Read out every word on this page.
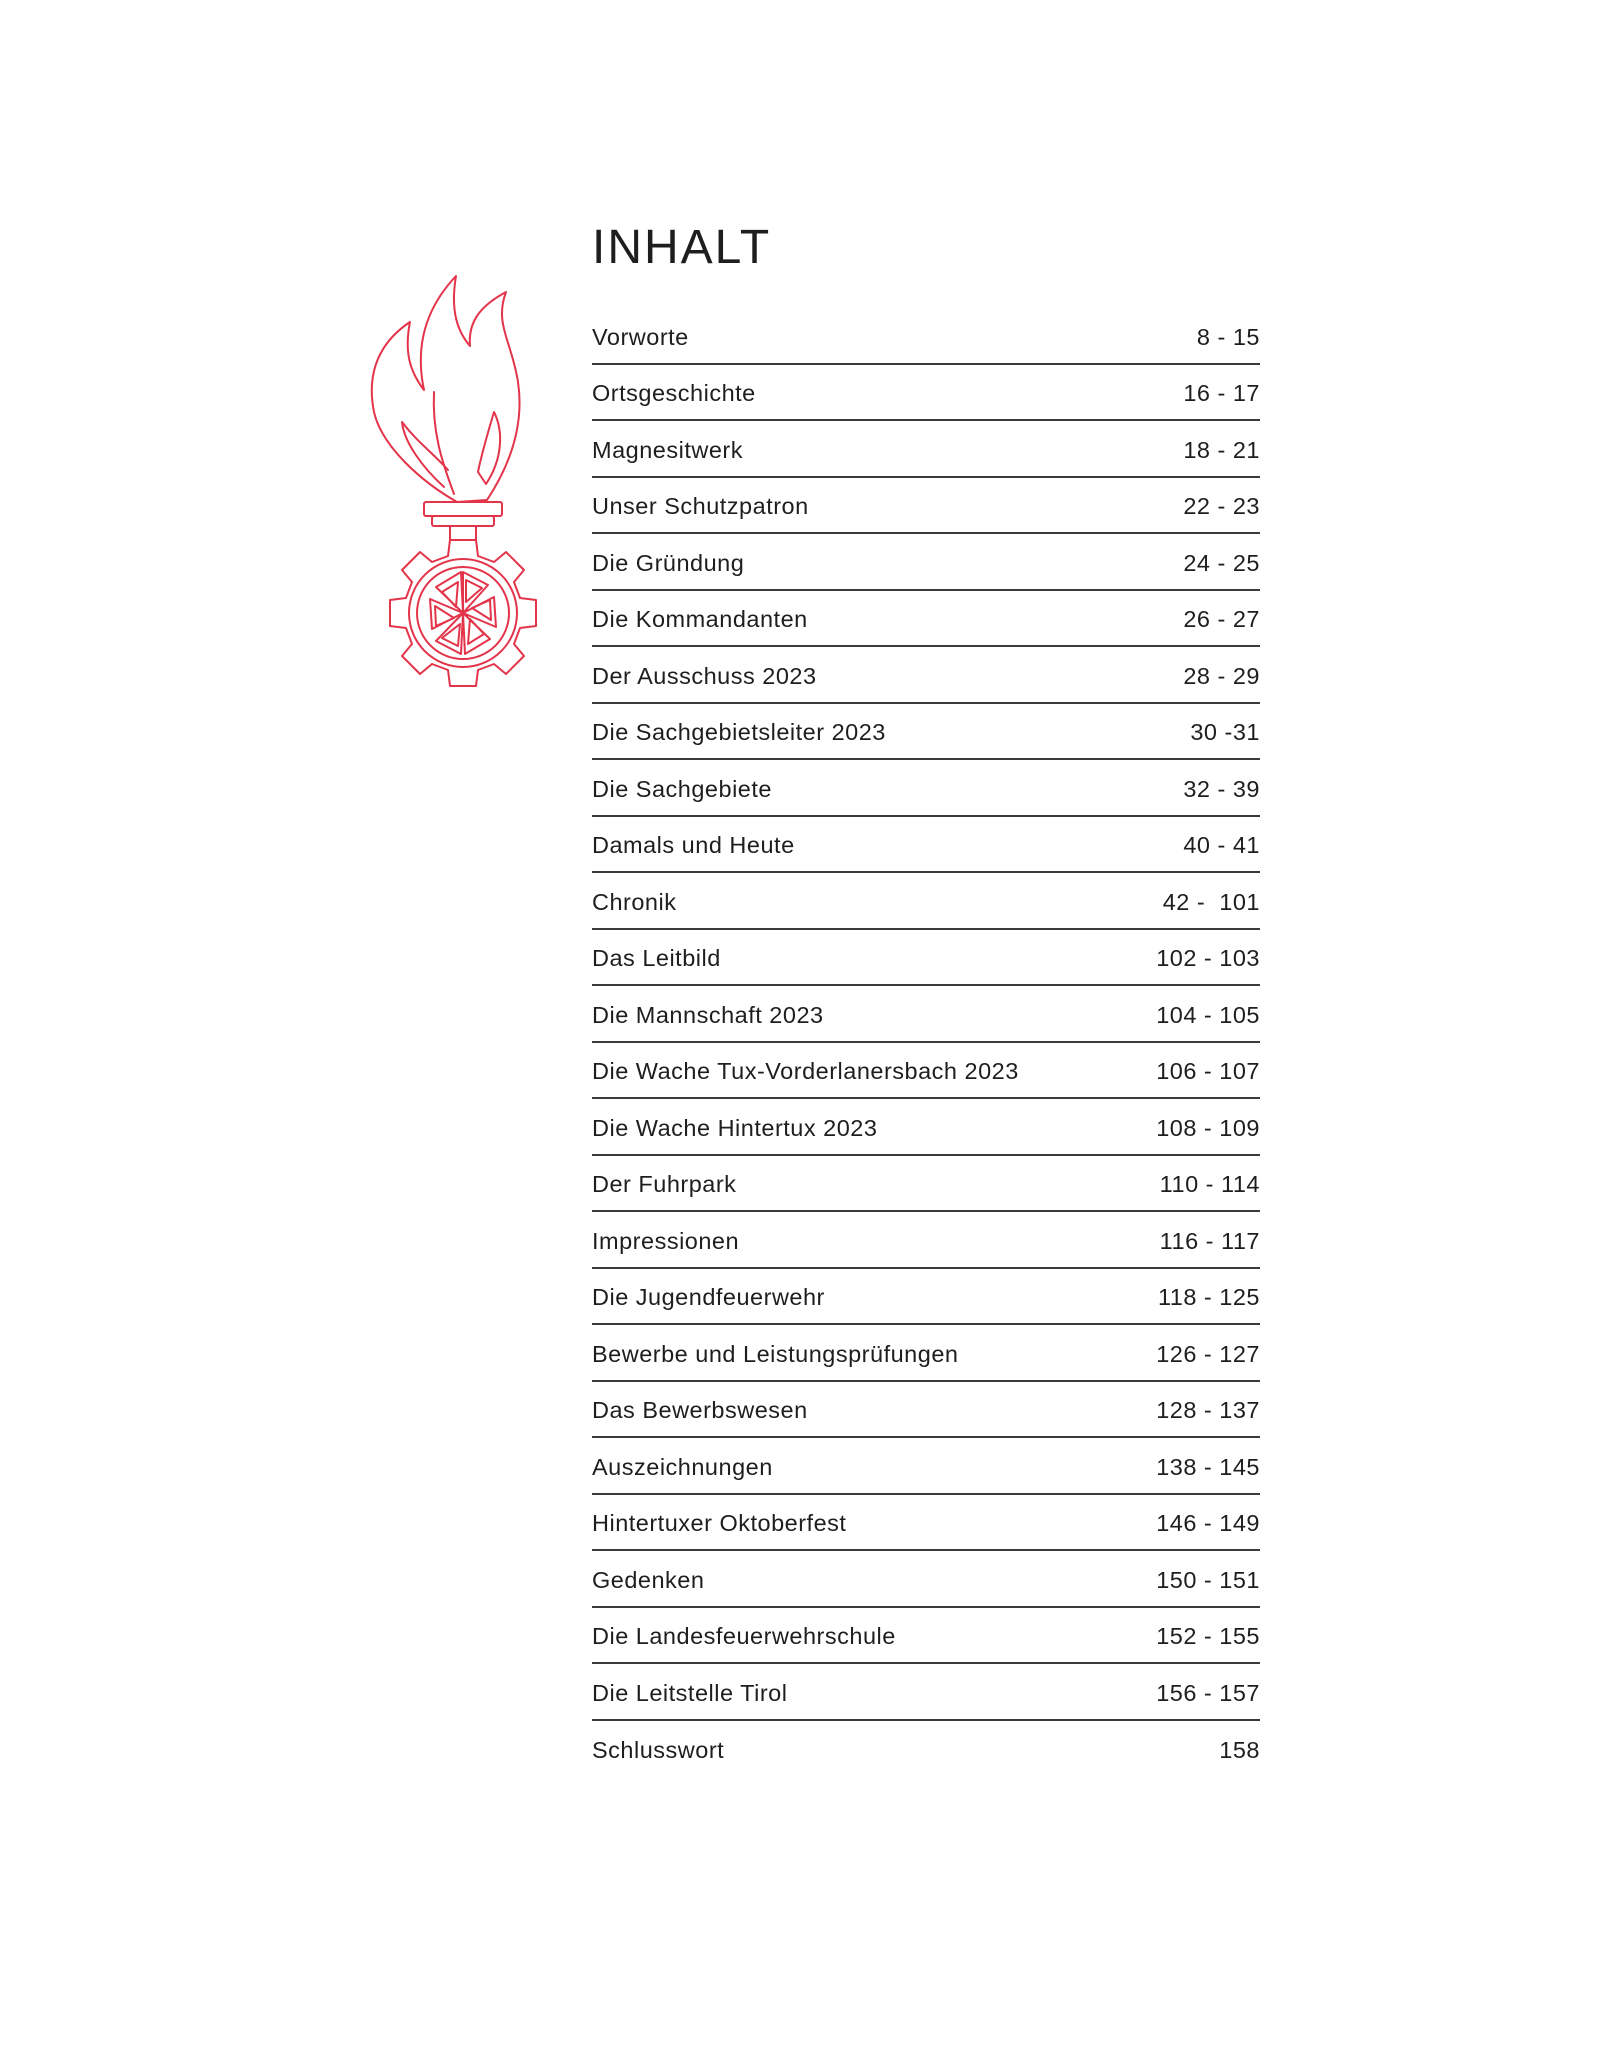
INHALT
Vorworte	8 - 15
Ortsgeschichte	16 - 17
Magnesitwerk	18 - 21
Unser Schutzpatron	22 - 23
Die Gründung	24 - 25
Die Kommandanten	26 - 27
Der Ausschuss 2023	28 - 29
Die Sachgebietsleiter 2023	30 -31
Die Sachgebiete	32 - 39
Damals und Heute	40 - 41
Chronik	42 -  101
Das Leitbild	102 - 103
Die Mannschaft 2023	104 - 105
Die Wache Tux-Vorderlanersbach 2023	106 - 107
Die Wache Hintertux 2023	108 - 109
Der Fuhrpark	110 - 114
Impressionen	116 - 117
Die Jugendfeuerwehr	118 - 125
Bewerbe und Leistungsprüfungen	126 - 127
Das Bewerbswesen	128 - 137
Auszeichnungen	138 - 145
Hintertuxer Oktoberfest	146 - 149
Gedenken	150 - 151
Die Landesfeuerwehrschule	152 - 155
Die Leitstelle Tirol	156 - 157
Schlusswort	158
